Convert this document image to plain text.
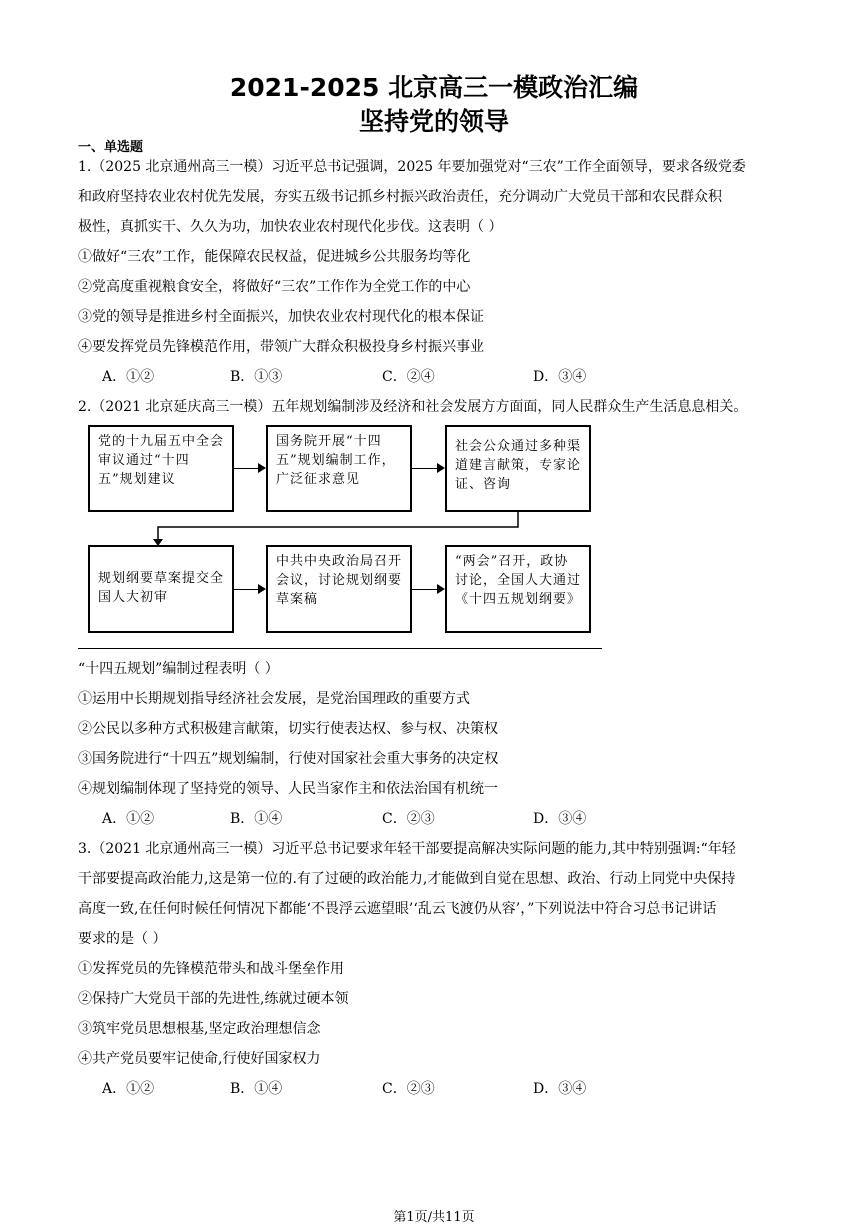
2021-2025 北京高三一模政治汇编
坚持党的领导
一、单选题
1.（2025 北京通州高三一模）习近平总书记强调，2025 年要加强党对“三农”工作全面领导，要求各级党委
和政府坚持农业农村优先发展，夯实五级书记抓乡村振兴政治责任，充分调动广大党员干部和农民群众积
极性，真抓实干、久久为功，加快农业农村现代化步伐。这表明（ ）
①做好“三农”工作，能保障农民权益，促进城乡公共服务均等化
②党高度重视粮食安全，将做好“三农”工作作为全党工作的中心
③党的领导是推进乡村全面振兴，加快农业农村现代化的根本保证
④要发挥党员先锋模范作用，带领广大群众积极投身乡村振兴事业
A．①②	B．①③	C．②④	D．③④
2.（2021 北京延庆高三一模）五年规划编制涉及经济和社会发展方方面面，同人民群众生产生活息息相关。
党的十九届五中全会审议通过“十四五”规划建议
国务院开展“十四五”规划编制工作，广泛征求意见
社会公众通过多种渠道建言献策，专家论证、咨询
规划纲要草案提交全国人大初审
中共中央政治局召开会议，讨论规划纲要草案稿
“两会”召开，政协讨论，全国人大通过《十四五规划纲要》
“十四五规划”编制过程表明（ ）
①运用中长期规划指导经济社会发展，是党治国理政的重要方式
②公民以多种方式积极建言献策，切实行使表达权、参与权、决策权
③国务院进行“十四五”规划编制，行使对国家社会重大事务的决定权
④规划编制体现了坚持党的领导、人民当家作主和依法治国有机统一
A．①②	B．①④	C．②③	D．③④
3.（2021 北京通州高三一模）习近平总书记要求年轻干部要提高解决实际问题的能力,其中特别强调:“年轻
干部要提高政治能力,这是第一位的.有了过硬的政治能力,才能做到自觉在思想、政治、行动上同党中央保持
高度一致,在任何时候任何情况下都能‘不畏浮云遮望眼’‘乱云飞渡仍从容’，”下列说法中符合习总书记讲话
要求的是（ ）
①发挥党员的先锋模范带头和战斗堡垒作用
②保持广大党员干部的先进性,练就过硬本领
③筑牢党员思想根基,坚定政治理想信念
④共产党员要牢记使命,行使好国家权力
A．①②	B．①④	C．②③	D．③④
第1页/共11页
